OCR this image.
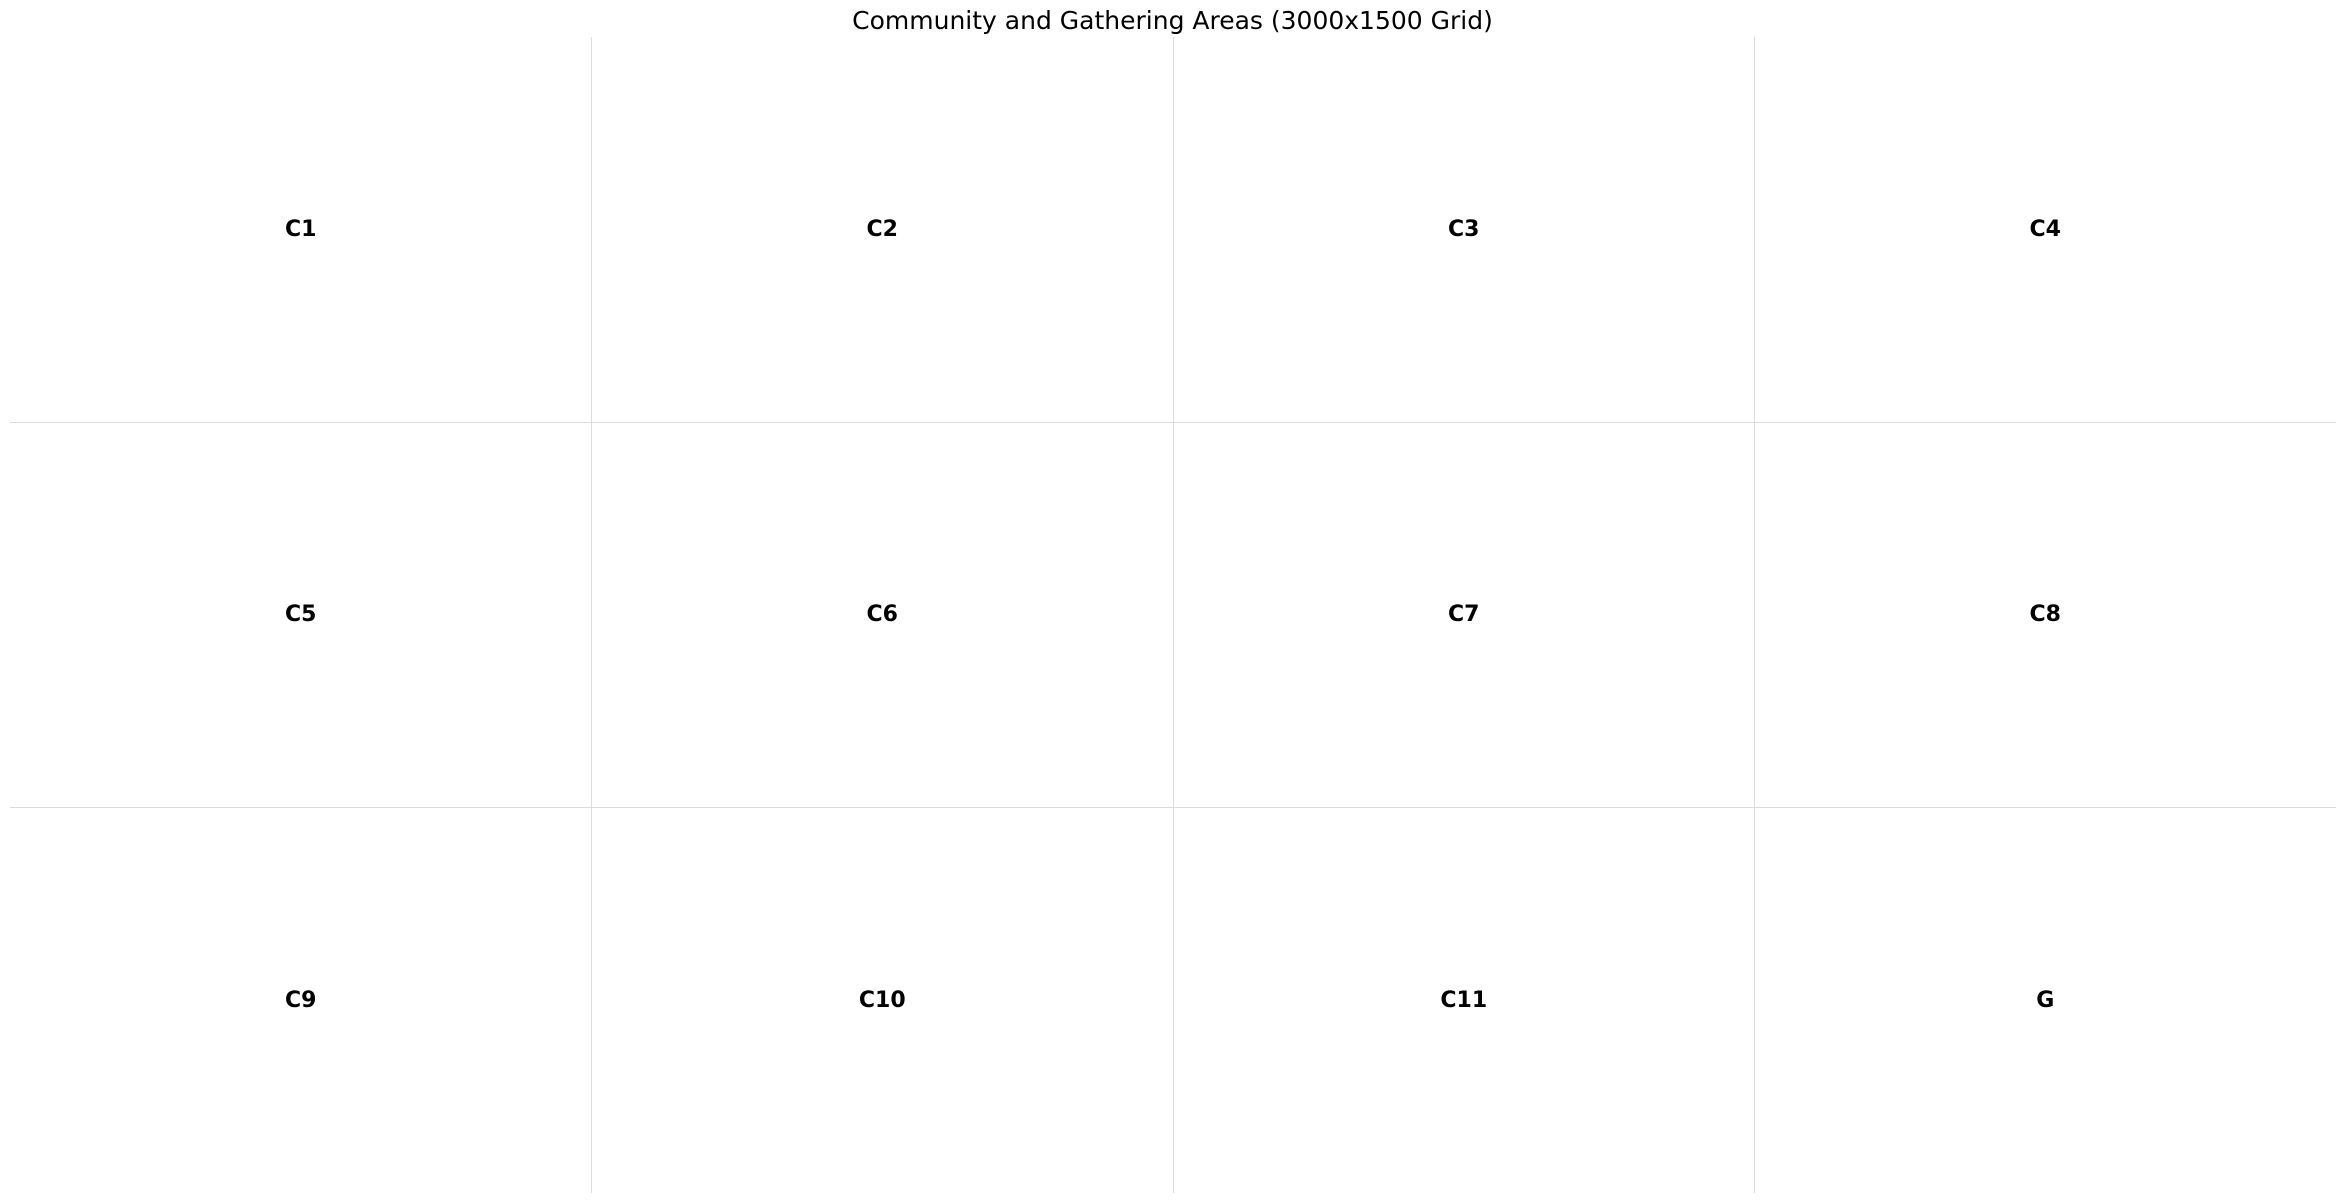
Community and Gathering Areas (3000x1500 Grid)
C1	C2	C3	C4
C5	C6	C7	C8
C9	C10	C11	G
